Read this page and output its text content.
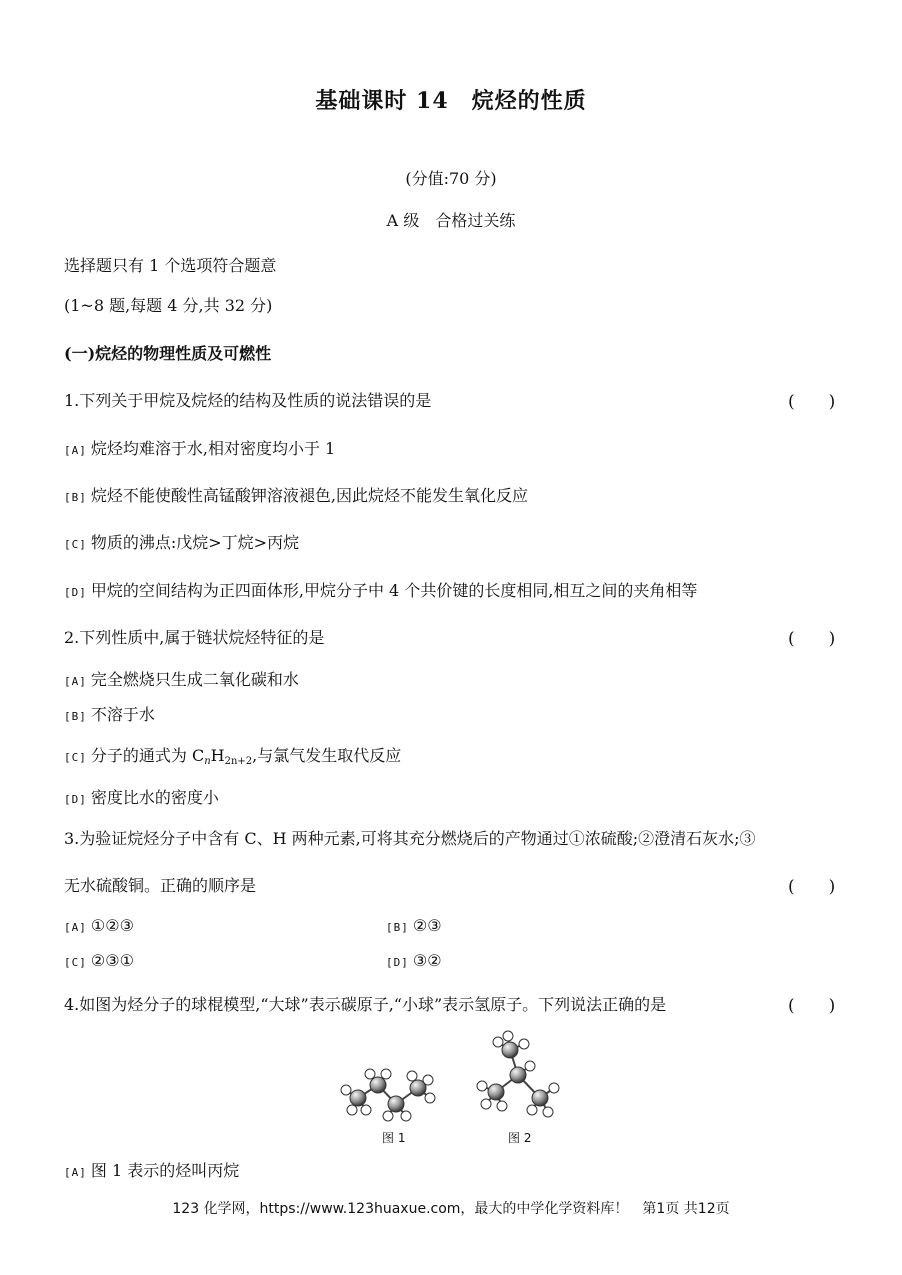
基础课时 14　烷烃的性质
(分值:70 分)
A 级　合格过关练
选择题只有 1 个选项符合题意
(1~8 题,每题 4 分,共 32 分)
(一)烷烃的物理性质及可燃性
1.下列关于甲烷及烷烃的结构及性质的说法错误的是	(　　)
[A] 烷烃均难溶于水,相对密度均小于 1
[B] 烷烃不能使酸性高锰酸钾溶液褪色,因此烷烃不能发生氧化反应
[C] 物质的沸点:戊烷>丁烷>丙烷
[D] 甲烷的空间结构为正四面体形,甲烷分子中 4 个共价键的长度相同,相互之间的夹角相等
2.下列性质中,属于链状烷烃特征的是	(　　)
[A] 完全燃烧只生成二氧化碳和水
[B] 不溶于水
[C] 分子的通式为 $C_nH_{2n+2}$,与氯气发生取代反应
[D] 密度比水的密度小
3.为验证烷烃分子中含有 C、H 两种元素,可将其充分燃烧后的产物通过①浓硫酸;②澄清石灰水;③
无水硫酸铜。正确的顺序是	(　　)
[A] ①②③	[B] ②③
[C] ②③①	[D] ③②
4.如图为烃分子的球棍模型,“大球”表示碳原子,“小球”表示氢原子。下列说法正确的是	(　　)
图 1	图 2
[A] 图 1 表示的烃叫丙烷
123 化学网，https://www.123huaxue.com，最大的中学化学资料库！　第1页 共12页
